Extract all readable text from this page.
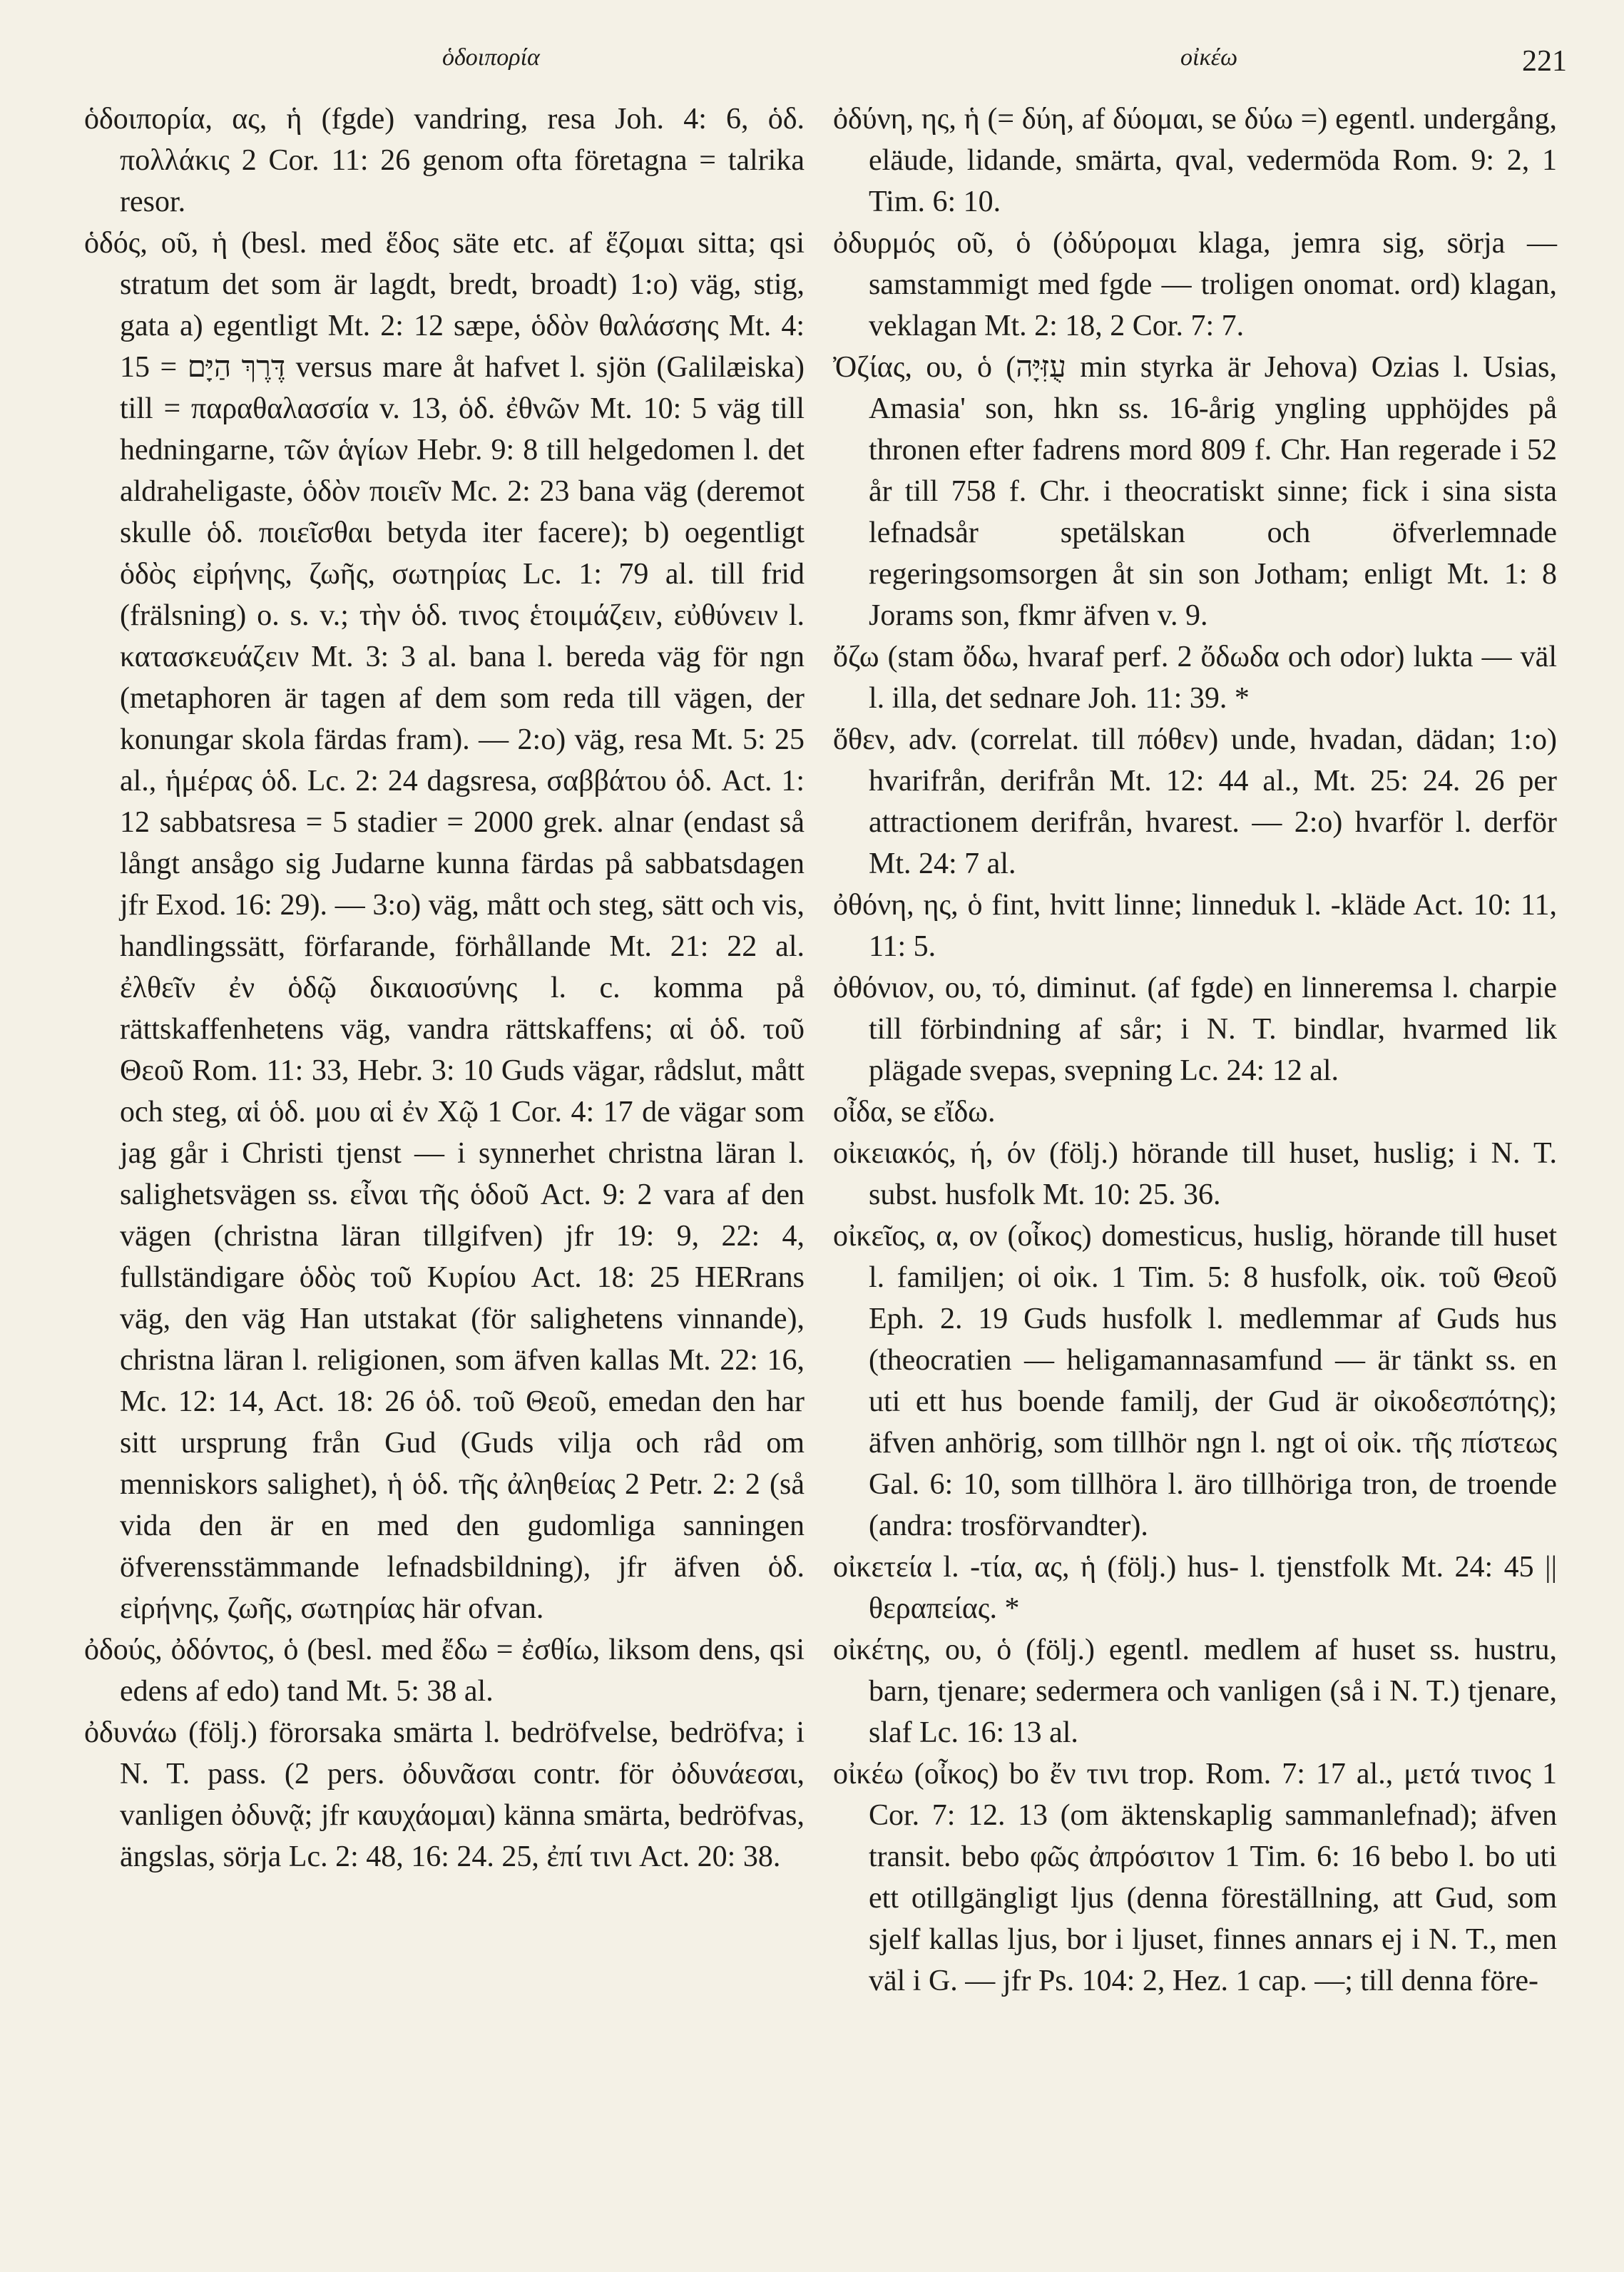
ὁδοιπορία	οἰκέω	221

ὁδοιπορία, ας, ἡ (fgde) vandring, resa Joh. 4: 6, ὁδ. πολλάκις 2 Cor. 11: 26 genom ofta företagna = talrika resor.

ὁδός, οῦ, ἡ (besl. med ἕδος säte etc. af ἕζομαι sitta; qsi stratum det som är lagdt, bredt, broadt) 1:o) väg, stig, gata a) egentligt Mt. 2: 12 sæpe, ὁδὸν θαλάσσης Mt. 4: 15 = דֶּרֶךְ הַיָּם versus mare åt hafvet l. sjön (Galilæiska) till = παραθαλασσία v. 13, ὁδ. ἐθνῶν Mt. 10: 5 väg till hedningarne, τῶν ἁγίων Hebr. 9: 8 till helgedomen l. det aldraheligaste, ὁδὸν ποιεῖν Mc. 2: 23 bana väg (deremot skulle ὁδ. ποιεῖσθαι betyda iter facere); b) oegentligt ὁδὸς εἰρήνης, ζωῆς, σωτηρίας Lc. 1: 79 al. till frid (frälsning) o. s. v.; τὴν ὁδ. τινος ἑτοιμάζειν, εὐθύνειν l. κατασκευάζειν Mt. 3: 3 al. bana l. bereda väg för ngn (metaphoren är tagen af dem som reda till vägen, der konungar skola färdas fram). — 2:o) väg, resa Mt. 5: 25 al., ἡμέρας ὁδ. Lc. 2: 24 dagsresa, σαββάτου ὁδ. Act. 1: 12 sabbatsresa = 5 stadier = 2000 grek. alnar (endast så långt ansågo sig Judarne kunna färdas på sabbatsdagen jfr Exod. 16: 29). — 3:o) väg, mått och steg, sätt och vis, handlingssätt, förfarande, förhållande Mt. 21: 22 al. ἐλθεῖν ἐν ὁδῷ δικαιοσύνης l. c. komma på rättskaffenhetens väg, vandra rättskaffens; αἱ ὁδ. τοῦ Θεοῦ Rom. 11: 33, Hebr. 3: 10 Guds vägar, rådslut, mått och steg, αἱ ὁδ. μου αἱ ἐν Χῷ 1 Cor. 4: 17 de vägar som jag går i Christi tjenst — i synnerhet christna läran l. salighetsvägen ss. εἶναι τῆς ὁδοῦ Act. 9: 2 vara af den vägen (christna läran tillgifven) jfr 19: 9, 22: 4, fullständigare ὁδὸς τοῦ Κυρίου Act. 18: 25 HERrans väg, den väg Han utstakat (för salighetens vinnande), christna läran l. religionen, som äfven kallas Mt. 22: 16, Mc. 12: 14, Act. 18: 26 ὁδ. τοῦ Θεοῦ, emedan den har sitt ursprung från Gud (Guds vilja och råd om menniskors salighet), ἡ ὁδ. τῆς ἀληθείας 2 Petr. 2: 2 (så vida den är en med den gudomliga sanningen öfverensstämmande lefnadsbildning), jfr äfven ὁδ. εἰρήνης, ζωῆς, σωτηρίας här ofvan.

ὀδούς, ὀδόντος, ὁ (besl. med ἔδω = ἐσθίω, liksom dens, qsi edens af edo) tand Mt. 5: 38 al.

ὀδυνάω (följ.) förorsaka smärta l. bedröfvelse, bedröfva; i N. T. pass. (2 pers. ὀδυνᾶσαι contr. för ὀδυνάεσαι, vanligen ὀδυνᾷ; jfr καυχάομαι) känna smärta, bedröfvas, ängslas, sörja Lc. 2: 48, 16: 24. 25, ἐπί τινι Act. 20: 38.

ὀδύνη, ης, ἡ (= δύη, af δύομαι, se δύω =) egentl. undergång, eläude, lidande, smärta, qval, vedermöda Rom. 9: 2, 1 Tim. 6: 10.

ὀδυρμός οῦ, ὁ (ὀδύρομαι klaga, jemra sig, sörja — samstammigt med fgde — troligen onomat. ord) klagan, veklagan Mt. 2: 18, 2 Cor. 7: 7.

Ὀζίας, ου, ὁ (עֻזִּיָּה min styrka är Jehova) Ozias l. Usias, Amasia' son, hkn ss. 16-årig yngling upphöjdes på thronen efter fadrens mord 809 f. Chr. Han regerade i 52 år till 758 f. Chr. i theocratiskt sinne; fick i sina sista lefnadsår spetälskan och öfverlemnade regeringsomsorgen åt sin son Jotham; enligt Mt. 1: 8 Jorams son, fkmr äfven v. 9.

ὄζω (stam ὄδω, hvaraf perf. 2 ὄδωδα och odor) lukta — väl l. illa, det sednare Joh. 11: 39. *

ὅθεν, adv. (correlat. till πόθεν) unde, hvadan, dädan; 1:o) hvarifrån, derifrån Mt. 12: 44 al., Mt. 25: 24. 26 per attractionem derifrån, hvarest. — 2:o) hvarför l. derför Mt. 24: 7 al.

ὀθόνη, ης, ὁ fint, hvitt linne; linneduk l. -kläde Act. 10: 11, 11: 5.

ὀθόνιον, ου, τό, diminut. (af fgde) en linneremsa l. charpie till förbindning af sår; i N. T. bindlar, hvarmed lik plägade svepas, svepning Lc. 24: 12 al.

οἶδα, se εἴδω.

οἰκειακός, ή, όν (följ.) hörande till huset, huslig; i N. T. subst. husfolk Mt. 10: 25. 36.

οἰκεῖος, α, ον (οἶκος) domesticus, huslig, hörande till huset l. familjen; οἱ οἰκ. 1 Tim. 5: 8 husfolk, οἰκ. τοῦ Θεοῦ Eph. 2. 19 Guds husfolk l. medlemmar af Guds hus (theocratien — heligamannasamfund — är tänkt ss. en uti ett hus boende familj, der Gud är οἰκοδεσπότης); äfven anhörig, som tillhör ngn l. ngt οἱ οἰκ. τῆς πίστεως Gal. 6: 10, som tillhöra l. äro tillhöriga tron, de troende (andra: trosförvandter).

οἰκετεία l. -τία, ας, ἡ (följ.) hus- l. tjenstfolk Mt. 24: 45 || θεραπείας. *

οἰκέτης, ου, ὁ (följ.) egentl. medlem af huset ss. hustru, barn, tjenare; sedermera och vanligen (så i N. T.) tjenare, slaf Lc. 16: 13 al.

οἰκέω (οἶκος) bo ἔν τινι trop. Rom. 7: 17 al., μετά τινος 1 Cor. 7: 12. 13 (om äktenskaplig sammanlefnad); äfven transit. bebo φῶς ἀπρόσιτον 1 Tim. 6: 16 bebo l. bo uti ett otillgängligt ljus (denna föreställning, att Gud, som sjelf kallas ljus, bor i ljuset, finnes annars ej i N. T., men väl i G. — jfr Ps. 104: 2, Hez. 1 cap. —; till denna före-
